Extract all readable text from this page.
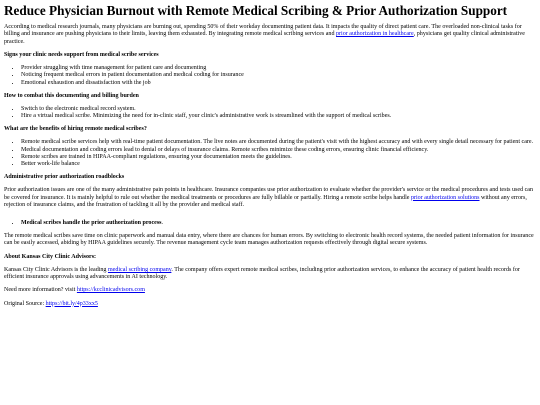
Reduce Physician Burnout with Remote Medical Scribing & Prior Authorization Support

According to medical research journals, many physicians are burning out, spending 50% of their workday documenting patient data. It impacts the quality of direct patient care. The overloaded non-clinical tasks for billing and insurance are pushing physicians to their limits, leaving them exhausted. By integrating remote medical scribing services and prior authorization in healthcare, physicians get quality clinical administrative practice.

Signs your clinic needs support from medical scribe services
• Provider struggling with time management for patient care and documenting
• Noticing frequent medical errors in patient documentation and medical coding for insurance
• Emotional exhaustion and dissatisfaction with the job
How to combat this documenting and billing burden
• Switch to the electronic medical record system.
• Hire a virtual medical scribe. Minimizing the need for in-clinic staff, your clinic's administrative work is streamlined with the support of medical scribes.
What are the benefits of hiring remote medical scribes?
• Remote medical scribe services help with real-time patient documentation. The live notes are documented during the patient's visit with the highest accuracy and with every single detail necessary for patient care.
• Medical documentation and coding errors lead to denial or delays of insurance claims. Remote scribes minimize these coding errors, ensuring clinic financial efficiency.
• Remote scribes are trained in HIPAA-compliant regulations, ensuring your documentation meets the guidelines.
• Better work-life balance
Administrative prior authorization roadblocks

Prior authorization issues are one of the many administrative pain points in healthcare. Insurance companies use prior authorization to evaluate whether the provider's service or the medical procedures and tests used can be covered for insurance. It is mainly helpful to rule out whether the medical treatments or procedures are fully billable or partially. Hiring a remote scribe helps handle prior authorization solutions without any errors, rejection of insurance claims, and the frustration of tackling it all by the provider and medical staff.

• Medical scribes handle the prior authorization process.

The remote medical scribes save time on clinic paperwork and manual data entry, where there are chances for human errors. By switching to electronic health record systems, the needed patient information for insurance can be easily accessed, abiding by HIPAA guidelines securely. The revenue management cycle team manages authorization requests effectively through digital secure systems.

About Kansas City Clinic Advisors:

Kansas City Clinic Advisors is the leading medical scribing company. The company offers expert remote medical scribes, including prior authorization services, to enhance the accuracy of patient health records for efficient insurance approvals using advancements in AI technology.

Need more information? visit https://kcclinicadvisors.com

Original Source: https://bit.ly/4p33xx5
